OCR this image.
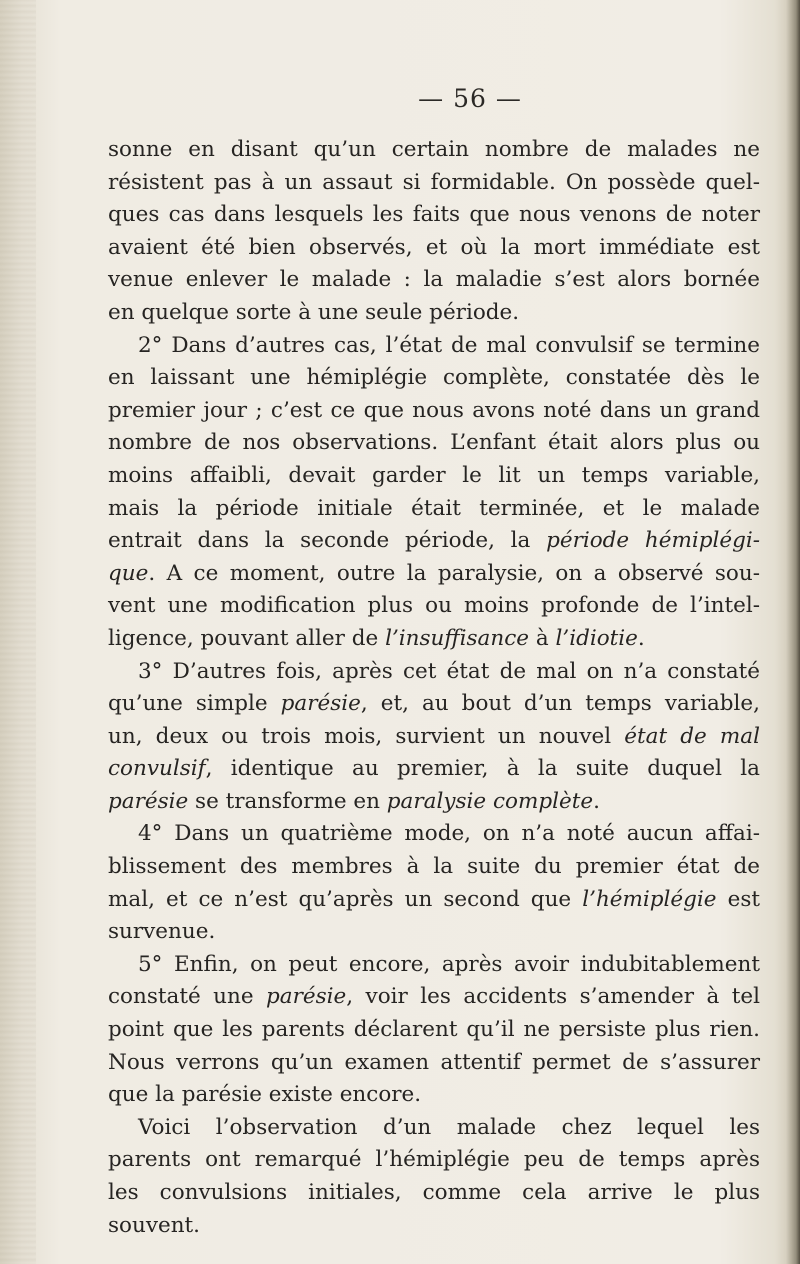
— 56 —
sonne en disant qu’un certain nombre de malades ne
résistent pas à un assaut si formidable. On possède quel-
ques cas dans lesquels les faits que nous venons de noter
avaient été bien observés, et où la mort immédiate est
venue enlever le malade : la maladie s’est alors bornée
en quelque sorte à une seule période.
2° Dans d’autres cas, l’état de mal convulsif se termine
en laissant une hémiplégie complète, constatée dès le
premier jour ; c’est ce que nous avons noté dans un grand
nombre de nos observations. L’enfant était alors plus ou
moins affaibli, devait garder le lit un temps variable,
mais la période initiale était terminée, et le malade
entrait dans la seconde période, la période hémiplégi-
que. A ce moment, outre la paralysie, on a observé sou-
vent une modification plus ou moins profonde de l’intel-
ligence, pouvant aller de l’insuffisance à l’idiotie.
3° D’autres fois, après cet état de mal on n’a constaté
qu’une simple parésie, et, au bout d’un temps variable,
un, deux ou trois mois, survient un nouvel état de mal
convulsif, identique au premier, à la suite duquel la
parésie se transforme en paralysie complète.
4° Dans un quatrième mode, on n’a noté aucun affai-
blissement des membres à la suite du premier état de
mal, et ce n’est qu’après un second que l’hémiplégie est
survenue.
5° Enfin, on peut encore, après avoir indubitablement
constaté une parésie, voir les accidents s’amender à tel
point que les parents déclarent qu’il ne persiste plus rien.
Nous verrons qu’un examen attentif permet de s’assurer
que la parésie existe encore.
Voici l’observation d’un malade chez lequel les
parents ont remarqué l’hémiplégie peu de temps après
les convulsions initiales, comme cela arrive le plus
souvent.
